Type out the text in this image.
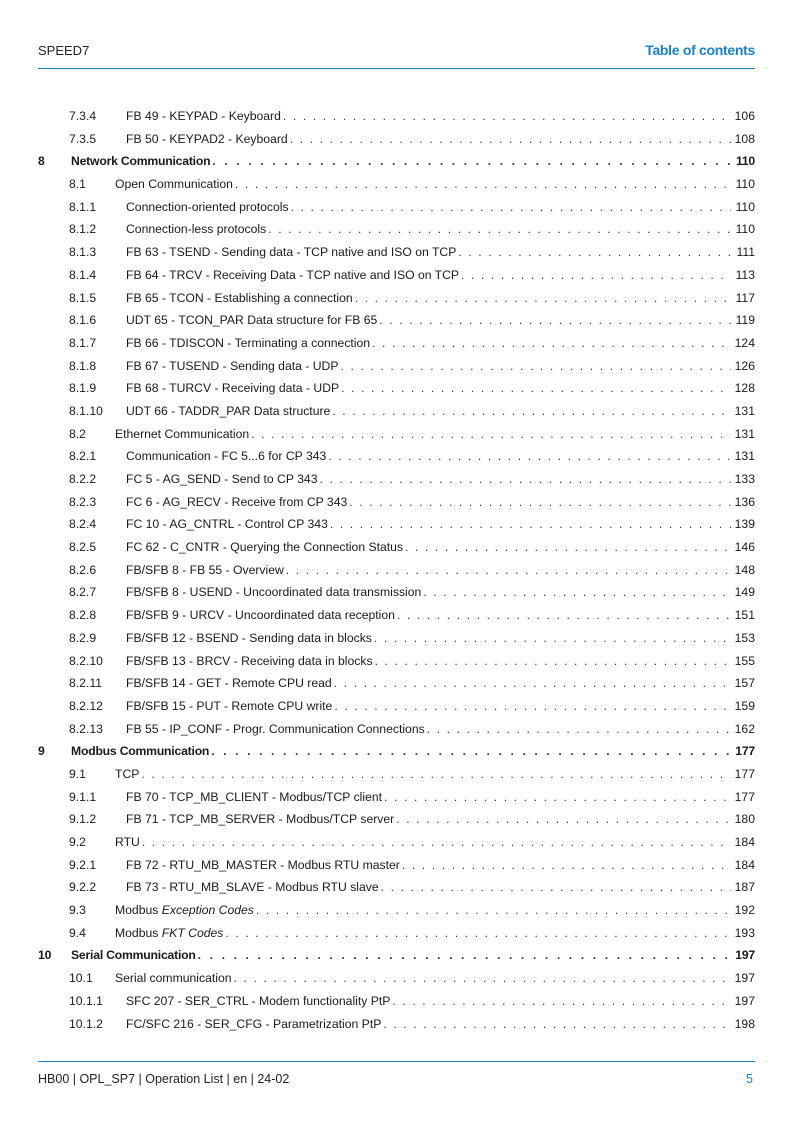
SPEED7	Table of contents
7.3.4	FB 49 - KEYPAD - Keyboard . . .	106
7.3.5	FB 50 - KEYPAD2 - Keyboard . . .	108
8	Network Communication . . .	110
8.1	Open Communication . . .	110
8.1.1	Connection-oriented protocols . . .	110
8.1.2	Connection-less protocols . . .	110
8.1.3	FB 63 - TSEND - Sending data - TCP native and ISO on TCP . . .	111
8.1.4	FB 64 - TRCV - Receiving Data - TCP native and ISO on TCP . . .	113
8.1.5	FB 65 - TCON - Establishing a connection . . .	117
8.1.6	UDT 65 - TCON_PAR Data structure for FB 65 . . .	119
8.1.7	FB 66 - TDISCON - Terminating a connection . . .	124
8.1.8	FB 67 - TUSEND - Sending data - UDP . . .	126
8.1.9	FB 68 - TURCV - Receiving data - UDP . . .	128
8.1.10	UDT 66 - TADDR_PAR Data structure . . .	131
8.2	Ethernet Communication . . .	131
8.2.1	Communication - FC 5...6 for CP 343 . . .	131
8.2.2	FC 5 - AG_SEND - Send to CP 343 . . .	133
8.2.3	FC 6 - AG_RECV - Receive from CP 343 . . .	136
8.2.4	FC 10 - AG_CNTRL - Control CP 343 . . .	139
8.2.5	FC 62 - C_CNTR - Querying the Connection Status . . .	146
8.2.6	FB/SFB 8 - FB 55 - Overview . . .	148
8.2.7	FB/SFB 8 - USEND - Uncoordinated data transmission . . .	149
8.2.8	FB/SFB 9 - URCV - Uncoordinated data reception . . .	151
8.2.9	FB/SFB 12 - BSEND - Sending data in blocks . . .	153
8.2.10	FB/SFB 13 - BRCV - Receiving data in blocks . . .	155
8.2.11	FB/SFB 14 - GET - Remote CPU read . . .	157
8.2.12	FB/SFB 15 - PUT - Remote CPU write . . .	159
8.2.13	FB 55 - IP_CONF - Progr. Communication Connections . . .	162
9	Modbus Communication . . .	177
9.1	TCP . . .	177
9.1.1	FB 70 - TCP_MB_CLIENT - Modbus/TCP client . . .	177
9.1.2	FB 71 - TCP_MB_SERVER - Modbus/TCP server . . .	180
9.2	RTU . . .	184
9.2.1	FB 72 - RTU_MB_MASTER - Modbus RTU master . . .	184
9.2.2	FB 73 - RTU_MB_SLAVE - Modbus RTU slave . . .	187
9.3	Modbus Exception Codes . . .	192
9.4	Modbus FKT Codes . . .	193
10	Serial Communication . . .	197
10.1	Serial communication . . .	197
10.1.1	SFC 207 - SER_CTRL - Modem functionality PtP . . .	197
10.1.2	FC/SFC 216 - SER_CFG - Parametrization PtP . . .	198
HB00 | OPL_SP7 | Operation List | en | 24-02	5
